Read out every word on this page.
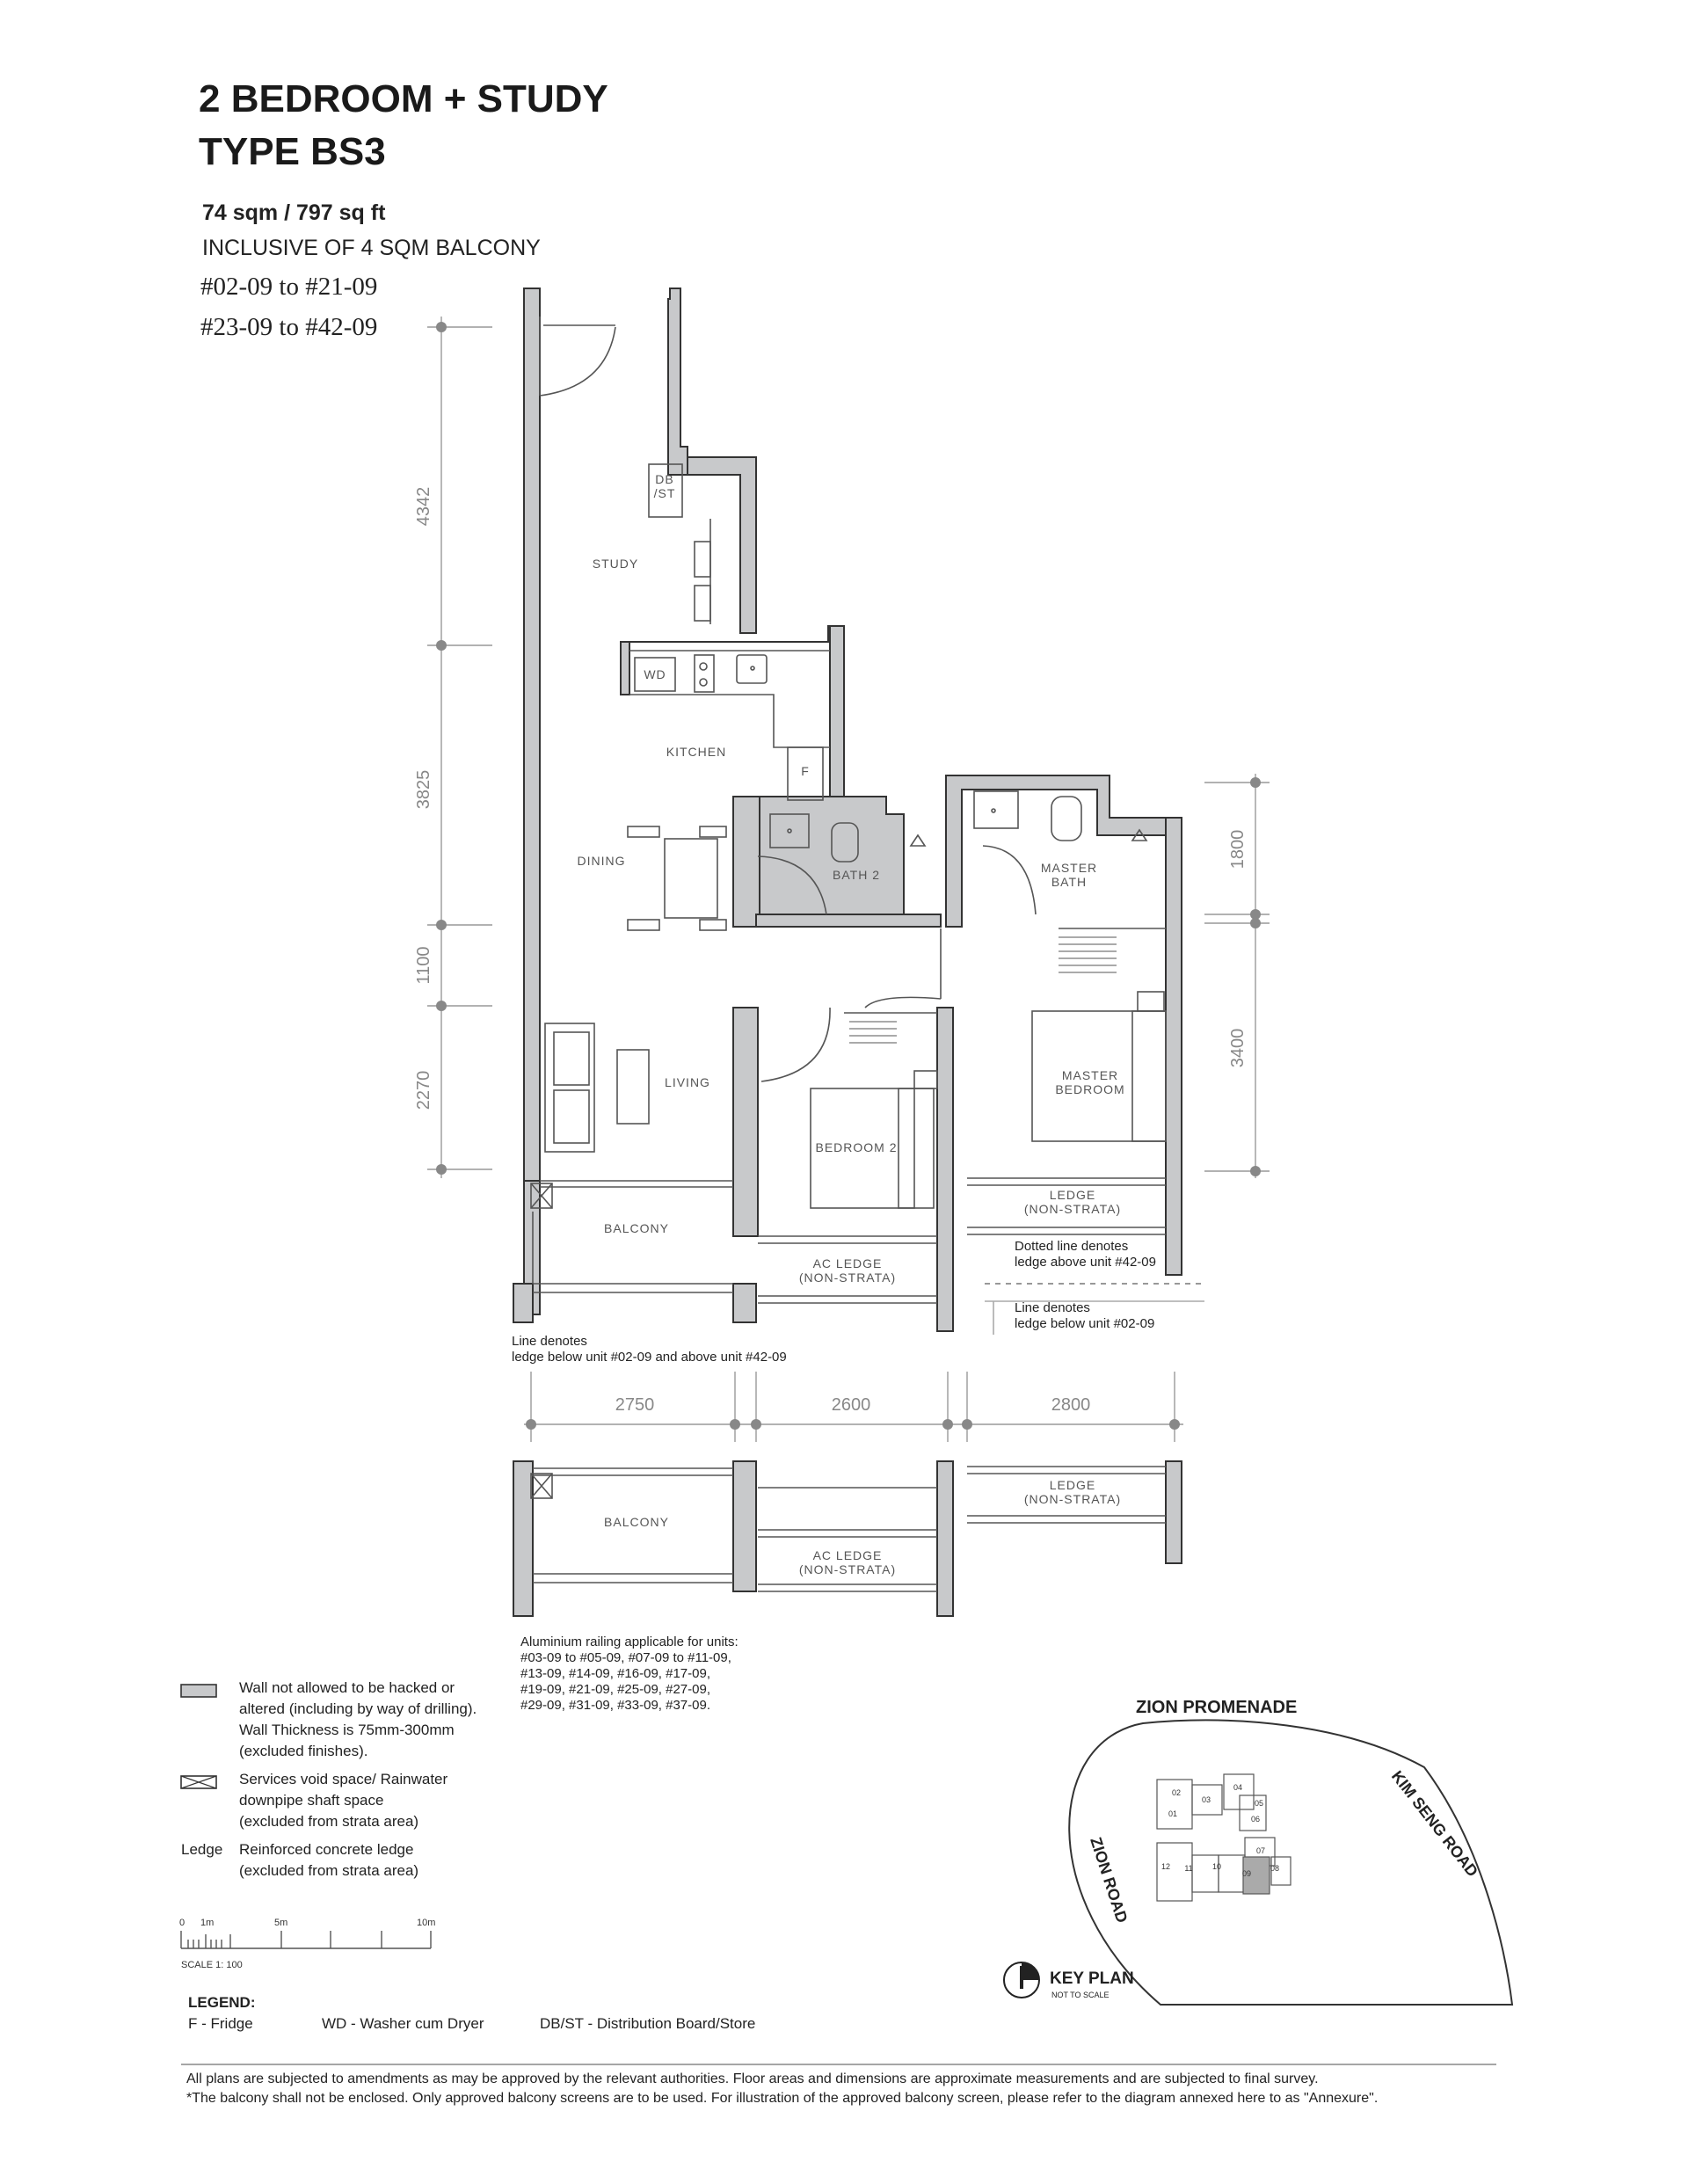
2 BEDROOM + STUDY
TYPE BS3
74 sqm / 797 sq ft
INCLUSIVE OF 4 SQM BALCONY
#02-09 to #21-09
#23-09 to #42-09
4342
3825
1100
2270
1800
3400
2750	2600	2800
DB
/ST
STUDY
WD
KITCHEN
F
DINING
BATH 2	MASTER
BATH
LIVING
BEDROOM 2
MASTER
BEDROOM
BALCONY
AC LEDGE
(NON-STRATA)
LEDGE
(NON-STRATA)
Dotted line denotes
ledge above unit #42-09
Line denotes
ledge below unit #02-09
Line denotes
ledge below unit #02-09 and above unit #42-09
BALCONY
AC LEDGE
(NON-STRATA)
LEDGE
(NON-STRATA)
Aluminium railing applicable for units:
#03-09 to #05-09, #07-09 to #11-09,
#13-09, #14-09, #16-09, #17-09,
#19-09, #21-09, #25-09, #27-09,
#29-09, #31-09, #33-09, #37-09.
0 1m	5m	10m
SCALE 1: 100
02
03
04
05
06
01
07
12 11 10
09
08
ZION PROMENADE
KIM SENG ROAD
ZION ROAD
KEY PLAN
NOT TO SCALE
Wall not allowed to be hacked or
altered (including by way of drilling).
Wall Thickness is 75mm-300mm
(excluded finishes).
Services void space/ Rainwater
downpipe shaft space
(excluded from strata area)
Ledge Reinforced concrete ledge
(excluded from strata area)
LEGEND:
F - Fridge	WD - Washer cum Dryer	DB/ST - Distribution Board/Store
All plans are subjected to amendments as may be approved by the relevant authorities. Floor areas and dimensions are approximate measurements and are subjected to final survey.
*The balcony shall not be enclosed. Only approved balcony screens are to be used. For illustration of the approved balcony screen, please refer to the diagram annexed here to as "Annexure".
